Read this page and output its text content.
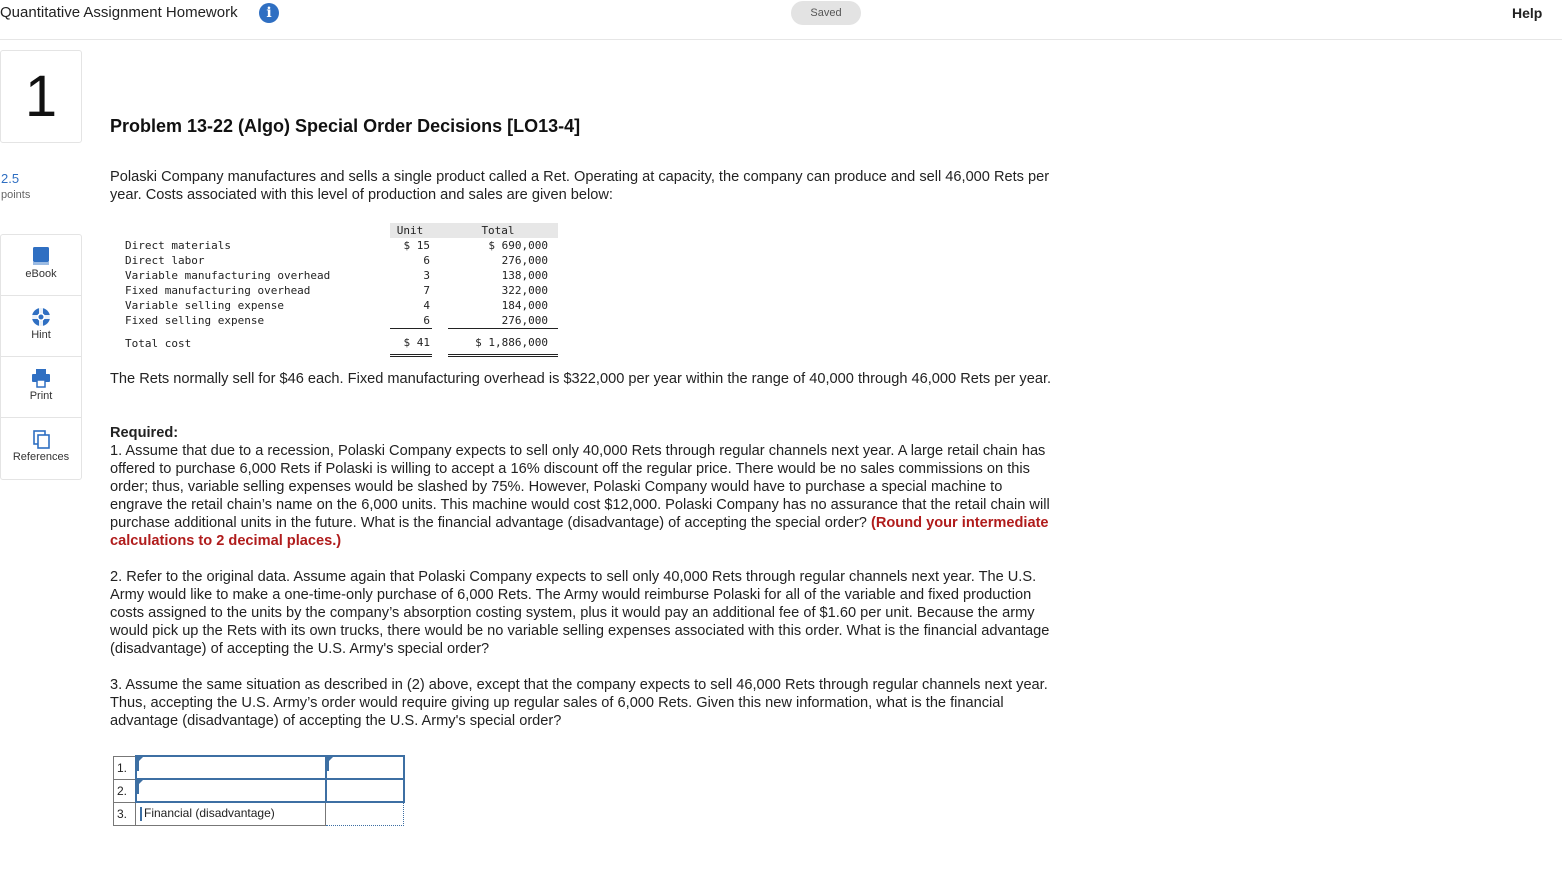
Quantitative Assignment Homework	i	Saved	Help
1
2.5
points
eBook
Hint
Print
References
Problem 13-22 (Algo) Special Order Decisions [LO13-4]
Polaski Company manufactures and sells a single product called a Ret. Operating at capacity, the company can produce and sell 46,000 Rets per year. Costs associated with this level of production and sales are given below:
	Unit		Total
Direct materials	$ 15		$ 690,000
Direct labor	6		276,000
Variable manufacturing overhead	3		138,000
Fixed manufacturing overhead	7		322,000
Variable selling expense	4		184,000
Fixed selling expense	6		276,000
Total cost	$ 41		$ 1,886,000
The Rets normally sell for $46 each. Fixed manufacturing overhead is $322,000 per year within the range of 40,000 through 46,000 Rets per year.
Required:
1. Assume that due to a recession, Polaski Company expects to sell only 40,000 Rets through regular channels next year. A large retail chain has offered to purchase 6,000 Rets if Polaski is willing to accept a 16% discount off the regular price. There would be no sales commissions on this order; thus, variable selling expenses would be slashed by 75%. However, Polaski Company would have to purchase a special machine to engrave the retail chain’s name on the 6,000 units. This machine would cost $12,000. Polaski Company has no assurance that the retail chain will purchase additional units in the future. What is the financial advantage (disadvantage) of accepting the special order? (Round your intermediate calculations to 2 decimal places.)
2. Refer to the original data. Assume again that Polaski Company expects to sell only 40,000 Rets through regular channels next year. The U.S. Army would like to make a one-time-only purchase of 6,000 Rets. The Army would reimburse Polaski for all of the variable and fixed production costs assigned to the units by the company’s absorption costing system, plus it would pay an additional fee of $1.60 per unit. Because the army would pick up the Rets with its own trucks, there would be no variable selling expenses associated with this order. What is the financial advantage (disadvantage) of accepting the U.S. Army's special order?
3. Assume the same situation as described in (2) above, except that the company expects to sell 46,000 Rets through regular channels next year. Thus, accepting the U.S. Army’s order would require giving up regular sales of 6,000 Rets. Given this new information, what is the financial advantage (disadvantage) of accepting the U.S. Army's special order?
1.	

2.	

3.	Financial (disadvantage)	
